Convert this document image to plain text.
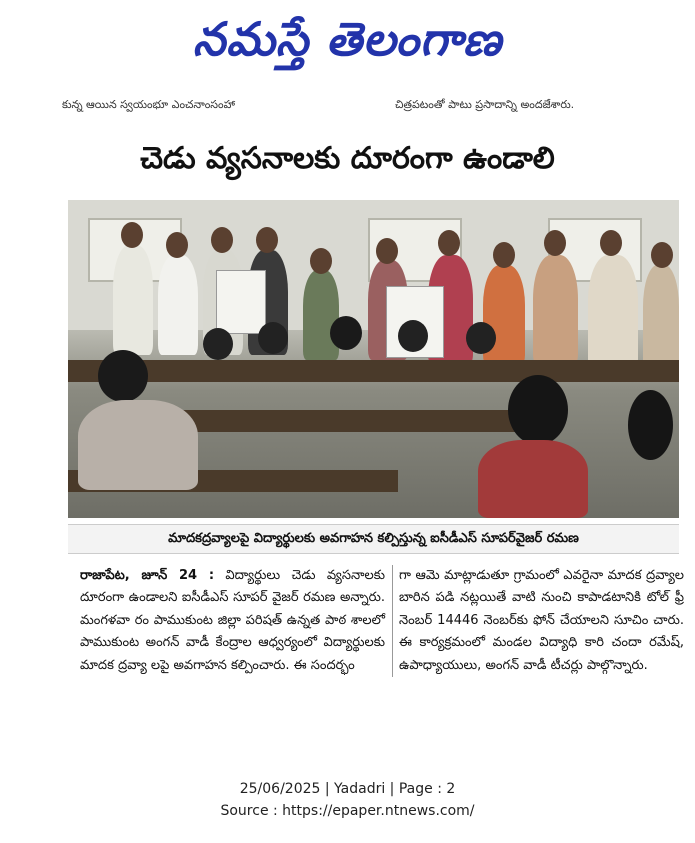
నమస్తే తెలంగాణ
కున్న ఆయిన స్వయంభూ ఎంచనాంసంహా	చిత్రపటంతో పాటు ప్రసాదాన్ని అందజేశారు.
చెడు వ్యసనాలకు దూరంగా ఉండాలి
మాదకద్రవ్యాలపై విద్యార్థులకు అవగాహన కల్పిస్తున్న ఐసీడీఎస్ సూపర్‌వైజర్ రమణ
రాజాపేట, జూన్ 24 : విద్యార్థులు చెడు వ్యసనాలకు దూరంగా ఉండాలని ఐసీడీఎస్ సూపర్ వైజర్ రమణ అన్నారు. మంగళవా రం పాముకుంట జిల్లా పరిషత్ ఉన్నత పాఠ శాలలో పాముకుంట అంగన్ వాడీ కేంద్రాల ఆధ్వర్యంలో విద్యార్థులకు మాదక ద్రవ్యా లపై అవగాహన కల్పించారు. ఈ సందర్భం
గా ఆమె మాట్లాడుతూ గ్రామంలో ఎవరైనా మాదక ద్రవ్యాల బారిన పడి నట్లయితే వాటి నుంచి కాపాడటానికి టోల్ ఫ్రీ నెంబర్ 14446 నెంబర్‌కు ఫోన్ చేయాలని సూచిం చారు. ఈ కార్యక్రమంలో మండల విద్యాధి కారి చందా రమేష్, ఉపాధ్యాయులు, అంగన్ వాడీ టీచర్లు పాల్గొన్నారు.
25/06/2025 | Yadadri | Page : 2
Source : https://epaper.ntnews.com/
